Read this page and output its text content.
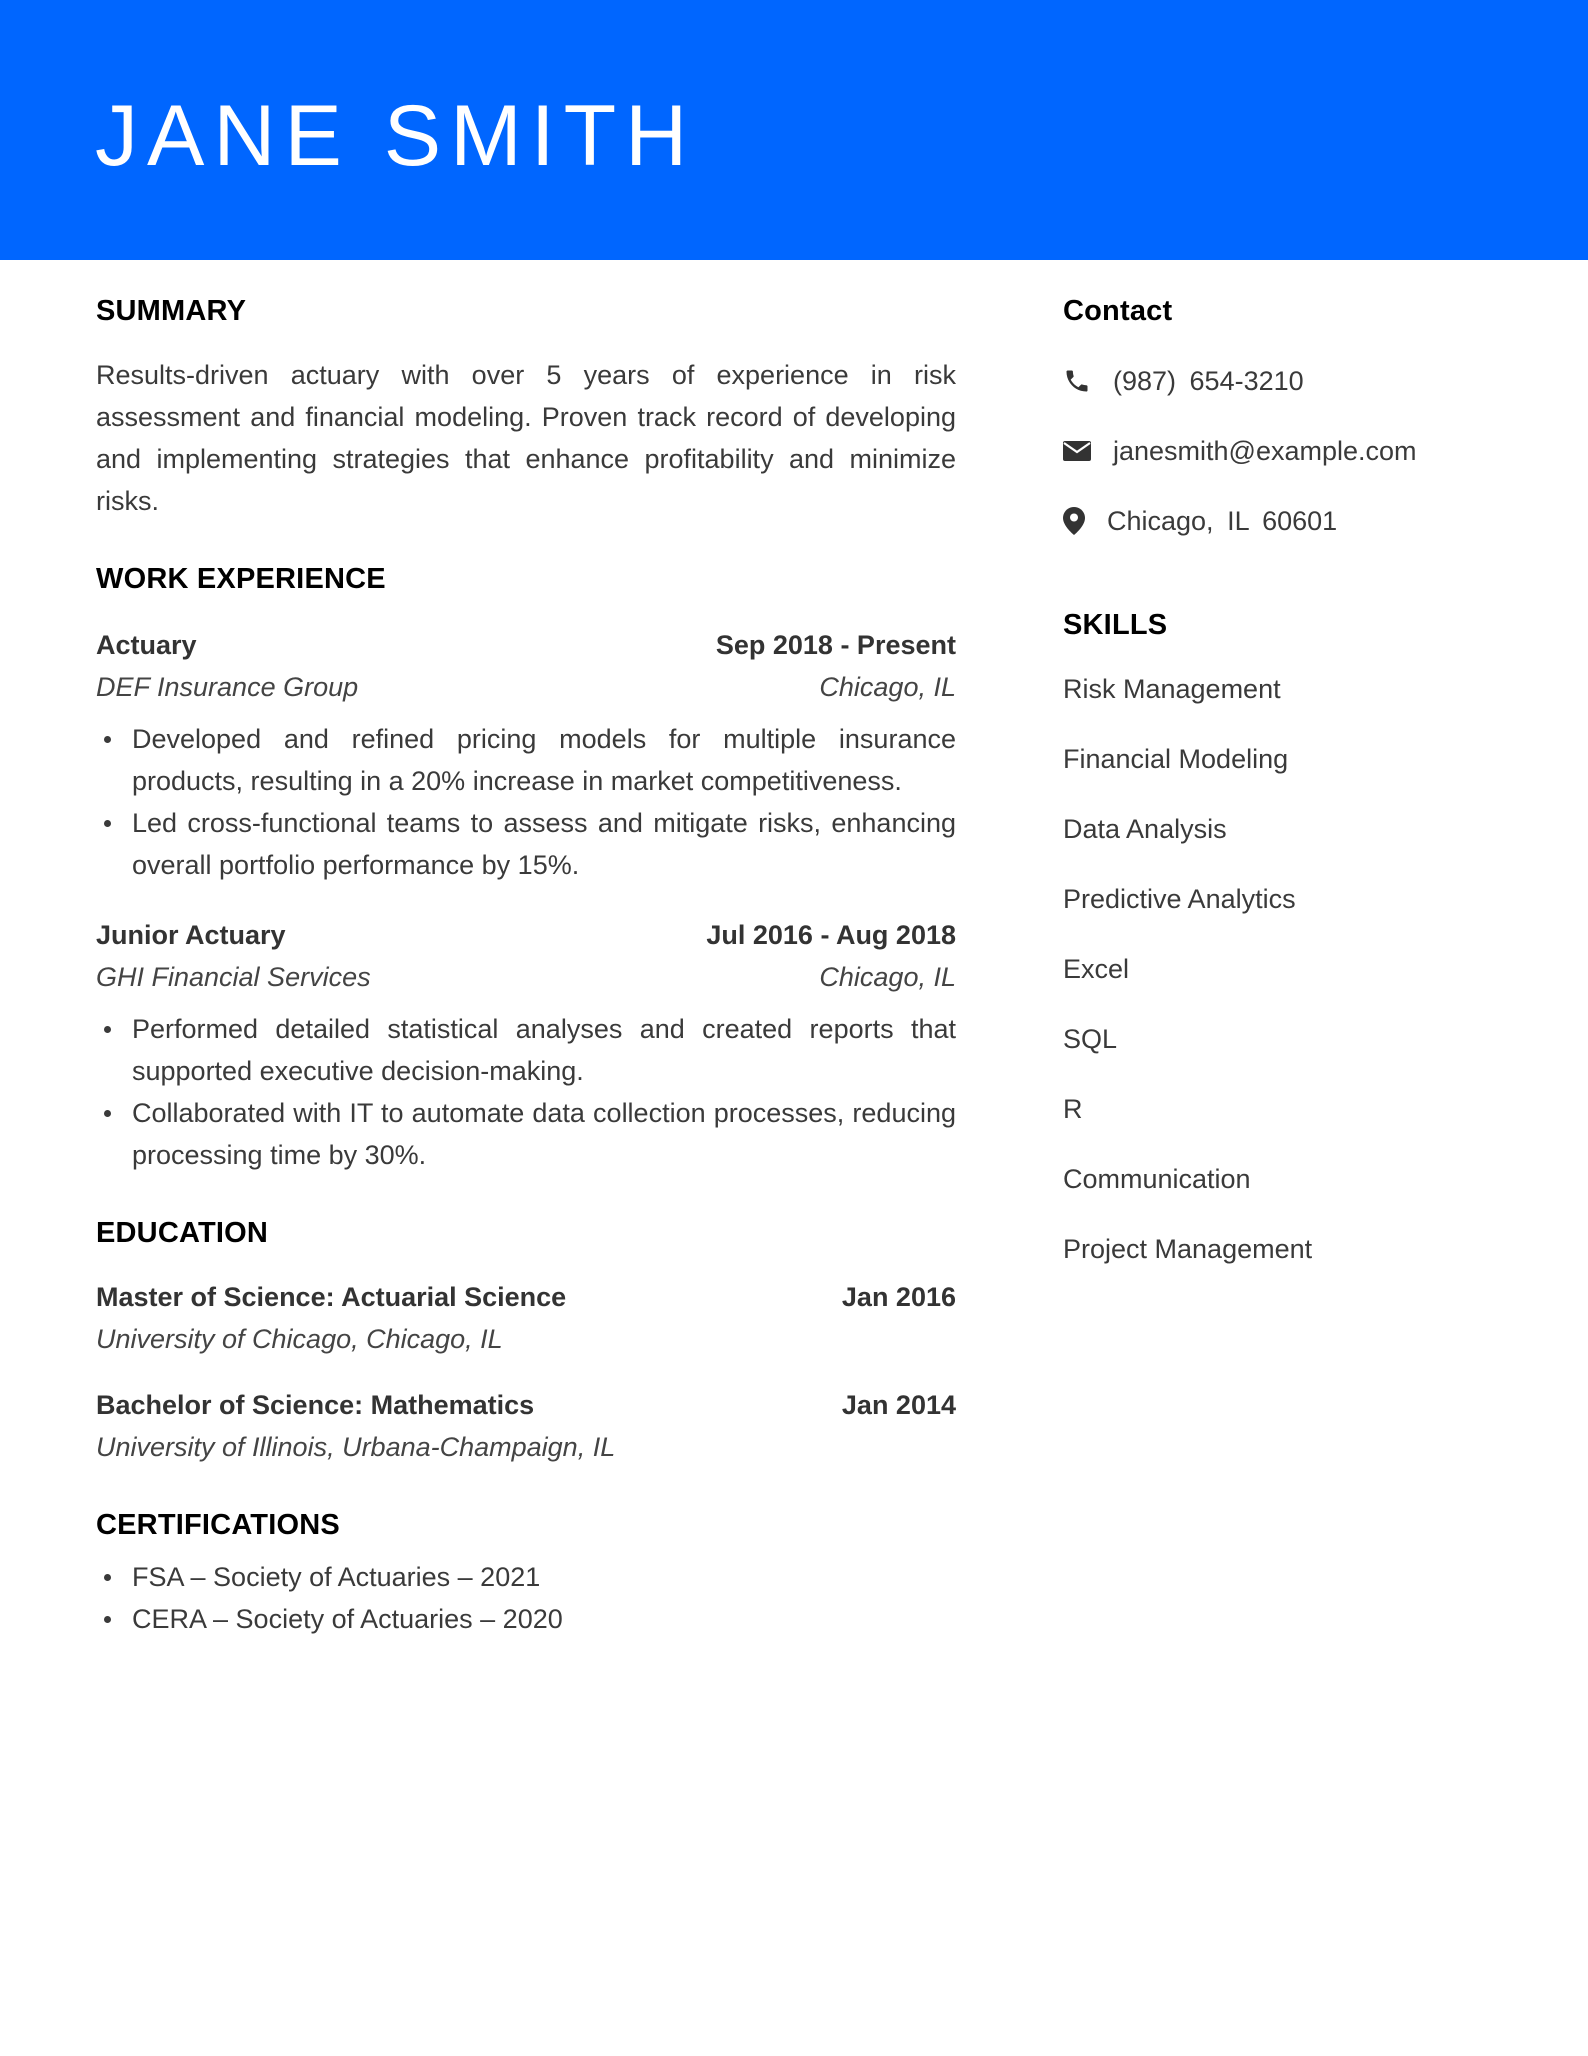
JANE SMITH
SUMMARY

Results-driven actuary with over 5 years of experience in risk assessment and financial modeling. Proven track record of developing and implementing strategies that enhance profitability and minimize risks.

WORK EXPERIENCE
Actuary	Sep 2018 - Present
DEF Insurance Group	Chicago, IL
Developed and refined pricing models for multiple insurance products, resulting in a 20% increase in market competitiveness.
Led cross-functional teams to assess and mitigate risks, enhancing overall portfolio performance by 15%.
Junior Actuary	Jul 2016 - Aug 2018
GHI Financial Services	Chicago, IL
Performed detailed statistical analyses and created reports that supported executive decision-making.
Collaborated with IT to automate data collection processes, reducing processing time by 30%.
EDUCATION
Master of Science: Actuarial Science	Jan 2016
University of Chicago, Chicago, IL
Bachelor of Science: Mathematics	Jan 2014
University of Illinois, Urbana-Champaign, IL
CERTIFICATIONS
FSA – Society of Actuaries – 2021
CERA – Society of Actuaries – 2020
Contact
(987) 654-3210
janesmith@example.com
Chicago, IL 60601
SKILLS
Risk Management
Financial Modeling
Data Analysis
Predictive Analytics
Excel
SQL
R
Communication
Project Management
